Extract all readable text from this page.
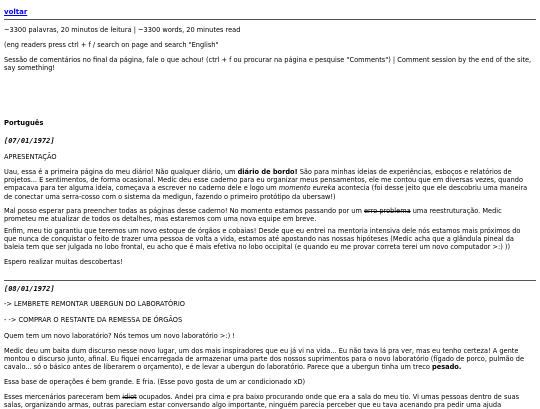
voltar

~3300 palavras, 20 minutos de leitura | ~3300 words, 20 minutes read

(eng readers press ctrl + f / search on page and search "English"

Sessão de comentários no final da página, fale o que achou! (ctrl + f ou procurar na página e pesquise "Comments") | Comment session by the end of the site, say something!

Português

[07/01/1972]

APRESENTAÇÃO

Uau, essa é a primeira página do meu diário! Não qualquer diário, um diário de bordo! São para minhas ideias de experiências, esboços e relatórios de projetos... E sentimentos, de forma ocasional. Medic deu esse caderno para eu organizar meus pensamentos, ele me contou que em diversas vezes, quando empacava para ter alguma ideia, começava a escrever no caderno dele e logo um momento eureka acontecia (foi desse jeito que ele descobriu uma maneira de conectar uma serra-cosso com o sistema da medigun, fazendo o primeiro protótipo da ubersaw!)

Mal posso esperar para preencher todas as páginas desse caderno! No momento estamos passando por um erro problema uma reestruturação. Medic prometeu me atualizar de todos os detalhes, mas estaremos com uma nova equipe em breve.

Enfim, meu tio garantiu que teremos um novo estoque de órgãos e cobaias! Desde que eu entrei na mentoria intensiva dele nós estamos mais próximos do que nunca de conquistar o feito de trazer uma pessoa de volta a vida, estamos até apostando nas nossas hipóteses (Medic acha que a glândula pineal da baleia tem que ser julgada no lobo frontal, eu acho que é mais efetiva no lobo occipital (e quando eu me provar correta terei um novo computador >:) ))

Espero realizar muitas descobertas!

[08/01/1972]

-> LEMBRETE REMONTAR UBERGUN DO LABORATÓRIO

- -> COMPRAR O RESTANTE DA REMESSA DE ÓRGÃOS

Quem tem um novo laboratório? Nós temos um novo laboratório >:) !

Medic deu um baita dum discurso nesse novo lugar, um dos mais inspiradores que eu já vi na vida... Eu não tava lá pra ver, mas eu tenho certeza! A gente montou o discurso junto, afinal. Eu fiquei encarregada de armazenar uma parte dos nossos suprimentos para o novo laboratório (fígado de porco, pulmão de cavalo... só o básico antes de liberarem o orçamento), e de levar a ubergun do laboratório. Parece que a ubergun tinha um treco pesado.

Essa base de operações é bem grande. E fria. (Esse povo gosta de um ar condicionado xD)

Esses mercenários pareceram bem idiot ocupados. Andei pra cima e pra baixo procurando onde que era a sala do meu tio. Vi umas pessoas dentro de suas salas, organizando armas, outras pareciam estar conversando algo importante, ninguém parecia perceber que eu tava acenando pra pedir uma ajuda
